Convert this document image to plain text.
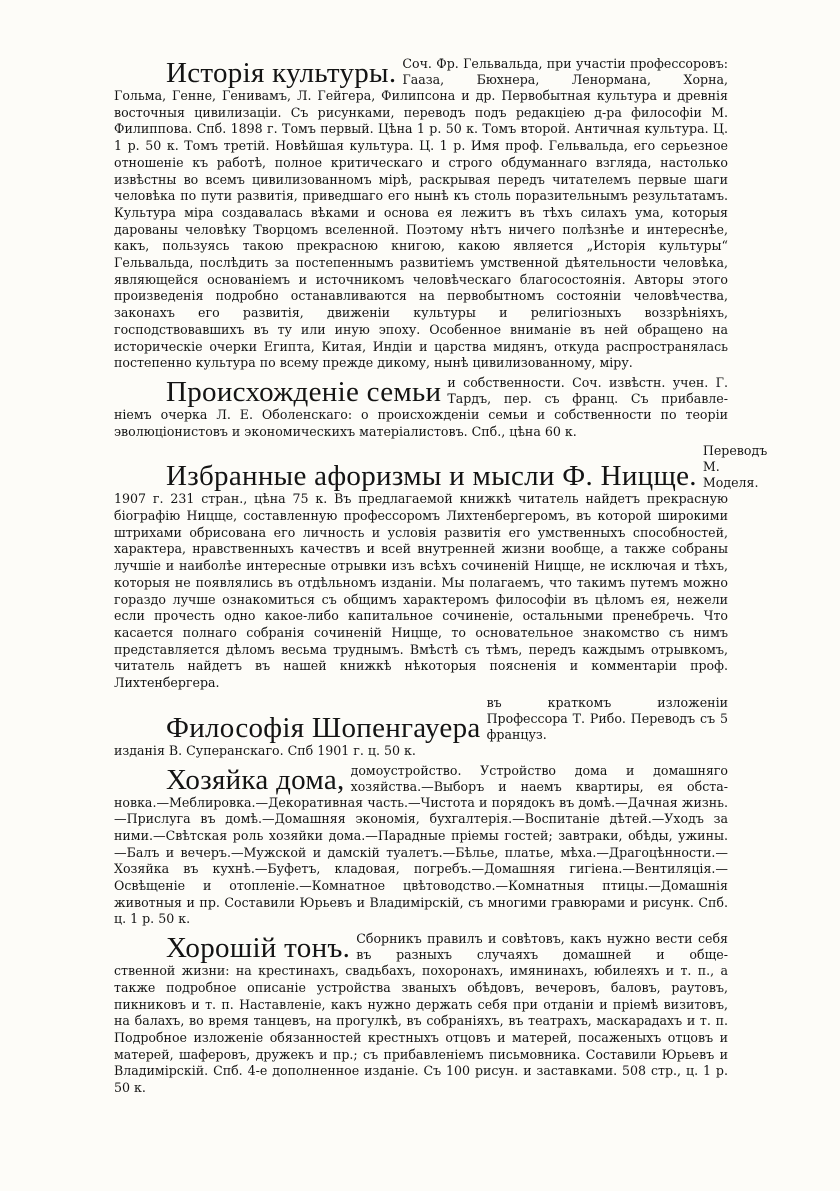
Исторія культуры. Соч. Фр. Гельвальда, при участіи профессоровъ: Гааза, Бюхнера, Ленормана, Хорна,

Гольма, Генне, Генивамъ, Л. Гейгера, Филипсона и др. Первобытная культура и древнія восточныя цивилизаціи. Съ рисунками, переводъ подъ редакціею д-ра философіи М. Филиппова. Спб. 1898 г. Томъ первый. Цѣна 1 р. 50 к. Томъ второй. Античная культура. Ц. 1 р. 50 к. Томъ третій. Новѣйшая культура. Ц. 1 р. Имя проф. Гельвальда, его серьезное отношеніе къ работѣ, полное критическаго и строго обдуманнаго взгляда, настолько извѣстны во всемъ цивилизованномъ мірѣ, раскрывая передъ читателемъ первые шаги человѣка по пути развитія, приведшаго его нынѣ къ столь поразительнымъ результатамъ. Культура міра создавалась вѣками и основа ея лежитъ въ тѣхъ силахъ ума, которыя дарованы человѣку Творцомъ вселенной. Поэтому нѣтъ ничего полѣзнѣе и интереснѣе, какъ, пользуясь такою прекрасною книгою, какою является „Исторія культуры“ Гельвальда, послѣдить за постепеннымъ развитіемъ умственной дѣятельности человѣка, являющейся основаніемъ и источникомъ человѣческаго благосостоянія. Авторы этого произведенія подробно останавливаются на первобытномъ состояніи человѣчества, законахъ его развитія, движеніи культуры и религіозныхъ воззрѣніяхъ, господствовавшихъ въ ту или иную эпоху. Особенное вниманіе въ ней обращено на историческіе очерки Египта, Китая, Индіи и царства мидянъ, откуда распространялась постепенно культура по всему прежде дикому, нынѣ цивилизованному, міру.

Происхожденіе семьи и собственности. Соч. извѣстн. учен. Г. Тардъ, пер. съ франц. Съ прибавле-

ніемъ очерка Л. Е. Оболенскаго: о происхожденіи семьи и собственности по теоріи эволюціонистовъ и экономическихъ матеріалистовъ. Спб., цѣна 60 к.

Избранные афоризмы и мысли Ф. Ницще.
Переводъ М. Моделя.

1907 г. 231 стран., цѣна 75 к. Въ предлагаемой книжкѣ читатель найдетъ прекрасную біографію Ницще, составленную профессоромъ Лихтенбергеромъ, въ которой широкими штрихами обрисована его личность и условія развитія его умственныхъ способностей, характера, нравственныхъ качествъ и всей внутренней жизни вообще, а также собраны лучшіе и наиболѣе интересные отрывки изъ всѣхъ сочиненій Ницще, не исключая и тѣхъ, которыя не появлялись въ отдѣльномъ изданіи. Мы полагаемъ, что такимъ путемъ можно гораздо лучше ознакомиться съ общимъ характеромъ философіи въ цѣломъ ея, нежели если прочесть одно какое-либо капитальное сочиненіе, остальными пренебречь. Что касается полнаго собранія сочиненій Ницще, то основательное знакомство съ нимъ представляется дѣломъ весьма труднымъ. Вмѣстѣ съ тѣмъ, передъ каждымъ отрывкомъ, читатель найдетъ въ нашей книжкѣ нѣкоторыя поясненія и комментаріи проф. Лихтенбергера.

Философія Шопенгауера
въ краткомъ изложеніи Профессора Т. Рибо. Переводъ съ 5 француз.

изданія В. Суперанскаго. Спб 1901 г. ц. 50 к.

Хозяйка дома, домоустройство. Устройство дома и домашняго хозяйства.—Выборъ и наемъ квартиры, ея обста-

новка.—Меблировка.—Декоративная часть.—Чистота и порядокъ въ домѣ.—Дачная жизнь.—Прислуга въ домѣ.—Домашняя экономія, бухгалтерія.—Воспитаніе дѣтей.—Уходъ за ними.—Свѣтская роль хозяйки дома.—Парадные пріемы гостей; завтраки, обѣды, ужины.—Балъ и вечеръ.—Мужской и дамскій туалетъ.—Бѣлье, платье, мѣха.—Драгоцѣнности.—Хозяйка въ кухнѣ.—Буфетъ, кладовая, погребъ.—Домашняя гигіена.—Вентиляція.—Освѣщеніе и отопленіе.—Комнатное цвѣтоводство.—Комнатныя птицы.—Домашнія животныя и пр. Составили Юрьевъ и Владимірскій, съ многими гравюрами и рисунк. Спб. ц. 1 р. 50 к.

Хорошій тонъ. Сборникъ правилъ и совѣтовъ, какъ нужно вести себя въ разныхъ случаяхъ домашней и обще-

ственной жизни: на крестинахъ, свадьбахъ, похоронахъ, имянинахъ, юбилеяхъ и т. п., а также подробное описаніе устройства званыхъ обѣдовъ, вечеровъ, баловъ, раутовъ, пикниковъ и т. п. Наставленіе, какъ нужно держать себя при отданіи и пріемѣ визитовъ, на балахъ, во время танцевъ, на прогулкѣ, въ собраніяхъ, въ театрахъ, маскарадахъ и т. п. Подробное изложеніе обязанностей крестныхъ отцовъ и матерей, посаженыхъ отцовъ и матерей, шаферовъ, дружекъ и пр.; съ прибавленіемъ письмовника. Составили Юрьевъ и Владимірскій. Спб. 4-е дополненное изданіе. Съ 100 рисун. и заставками. 508 стр., ц. 1 р. 50 к.
